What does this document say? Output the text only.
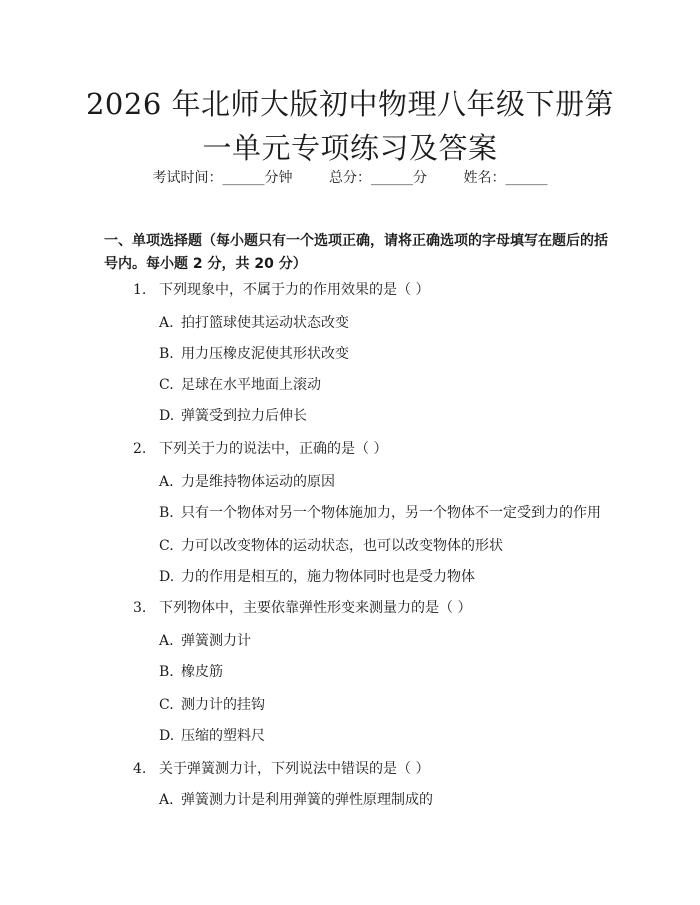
2026 年北师大版初中物理八年级下册第一单元专项练习及答案
考试时间：______分钟	总分：______分	姓名：______
一、单项选择题（每小题只有一个选项正确，请将正确选项的字母填写在题后的括号内。每小题 2 分，共 20 分）
1. 下列现象中，不属于力的作用效果的是（ ）
A. 拍打篮球使其运动状态改变
B. 用力压橡皮泥使其形状改变
C. 足球在水平地面上滚动
D. 弹簧受到拉力后伸长
2. 下列关于力的说法中，正确的是（ ）
A. 力是维持物体运动的原因
B. 只有一个物体对另一个物体施加力，另一个物体不一定受到力的作用
C. 力可以改变物体的运动状态，也可以改变物体的形状
D. 力的作用是相互的，施力物体同时也是受力物体
3. 下列物体中，主要依靠弹性形变来测量力的是（ ）
A. 弹簧测力计
B. 橡皮筋
C. 测力计的挂钩
D. 压缩的塑料尺
4. 关于弹簧测力计，下列说法中错误的是（ ）
A. 弹簧测力计是利用弹簧的弹性原理制成的
